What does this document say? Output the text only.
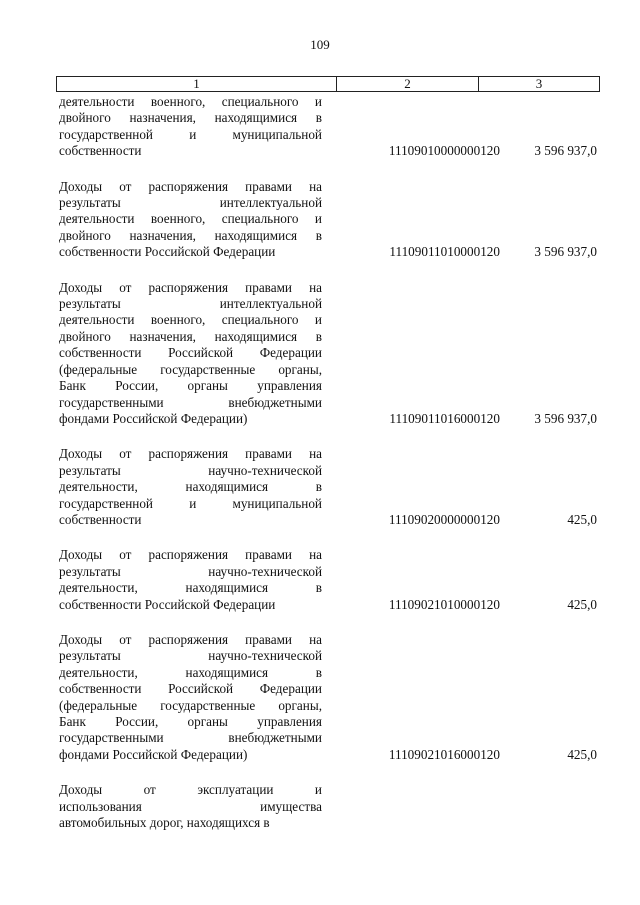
109
1	2	3
деятельности военного, специального и
двойного назначения, находящимися в
государственной и муниципальной
собственности	11109010000000120	3 596 937,0
Доходы от распоряжения правами на
результаты интеллектуальной
деятельности военного, специального и
двойного назначения, находящимися в
собственности Российской Федерации	11109011010000120	3 596 937,0
Доходы от распоряжения правами на
результаты интеллектуальной
деятельности военного, специального и
двойного назначения, находящимися в
собственности Российской Федерации
(федеральные государственные органы,
Банк России, органы управления
государственными внебюджетными
фондами Российской Федерации)	11109011016000120	3 596 937,0
Доходы от распоряжения правами на
результаты научно-технической
деятельности, находящимися в
государственной и муниципальной
собственности	11109020000000120	425,0
Доходы от распоряжения правами на
результаты научно-технической
деятельности, находящимися в
собственности Российской Федерации	11109021010000120	425,0
Доходы от распоряжения правами на
результаты научно-технической
деятельности, находящимися в
собственности Российской Федерации
(федеральные государственные органы,
Банк России, органы управления
государственными внебюджетными
фондами Российской Федерации)	11109021016000120	425,0
Доходы от эксплуатации и
использования имущества
автомобильных дорог, находящихся в
